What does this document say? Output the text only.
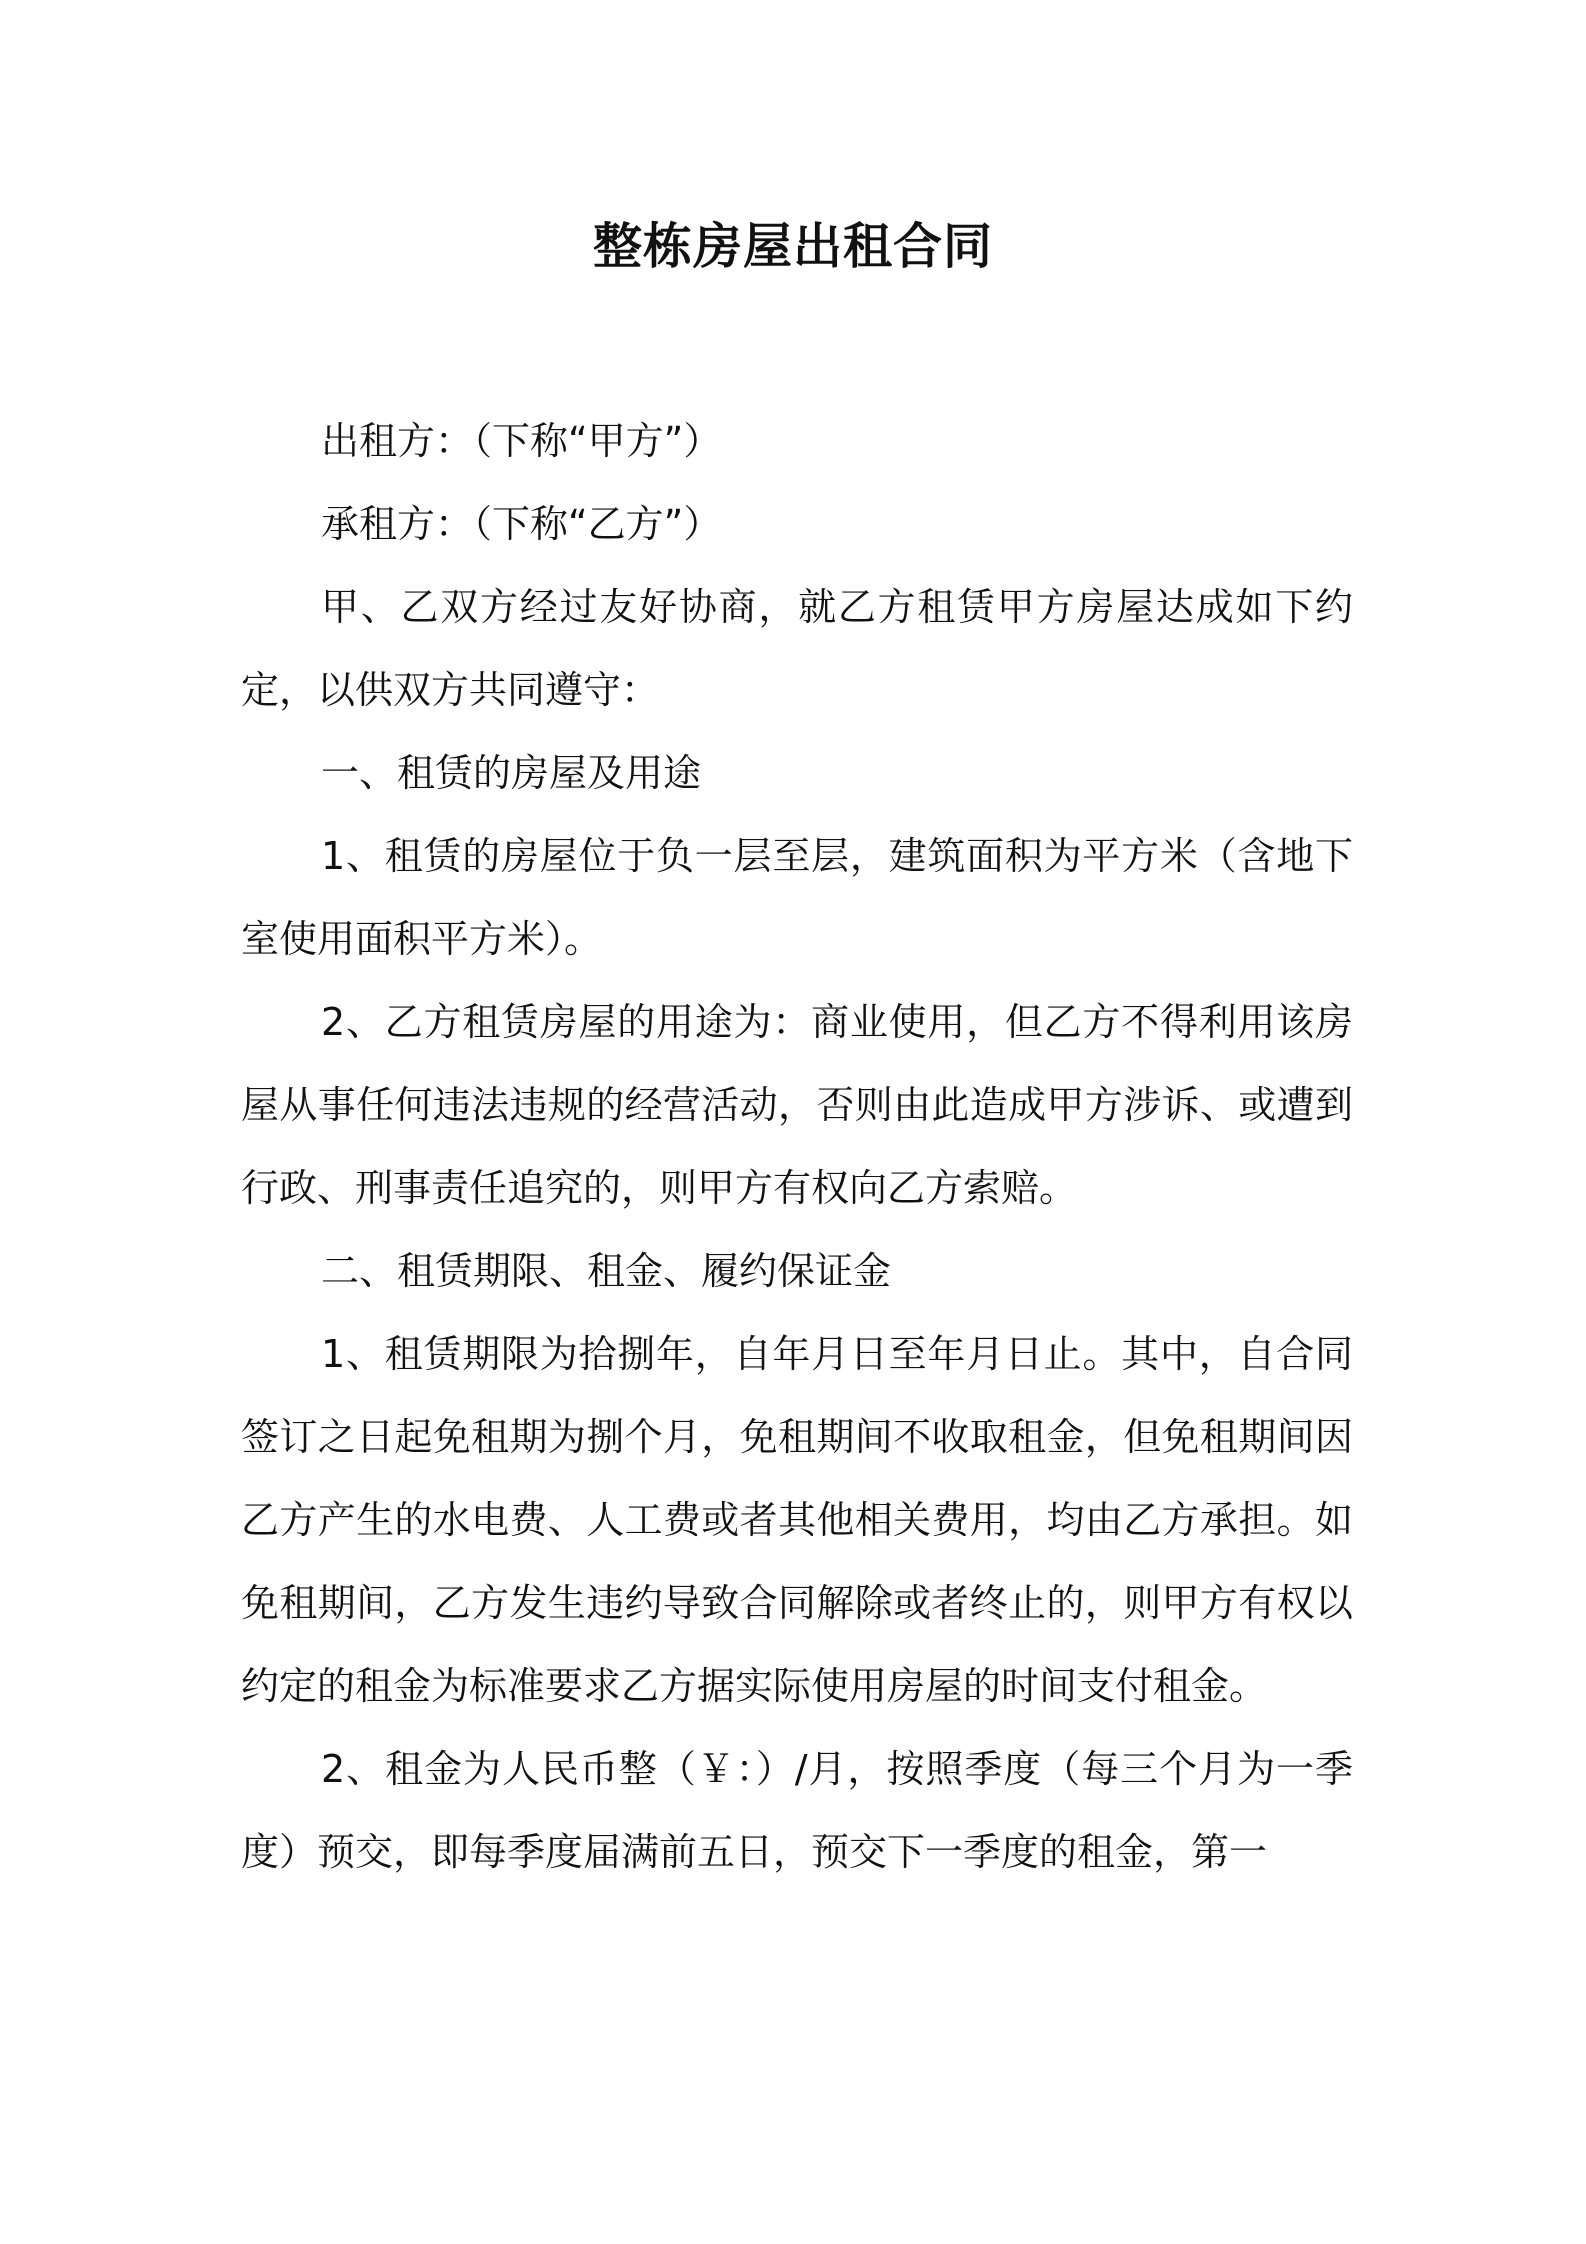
整栋房屋出租合同

出租方：（下称“甲方”）

承租方：（下称“乙方”）

甲、乙双方经过友好协商，就乙方租赁甲方房屋达成如下约定，以供双方共同遵守：

一、租赁的房屋及用途

1、租赁的房屋位于负一层至层，建筑面积为平方米（含地下室使用面积平方米）。

2、乙方租赁房屋的用途为：商业使用，但乙方不得利用该房屋从事任何违法违规的经营活动，否则由此造成甲方涉诉、或遭到行政、刑事责任追究的，则甲方有权向乙方索赔。

二、租赁期限、租金、履约保证金

1、租赁期限为拾捌年，自年月日至年月日止。其中，自合同签订之日起免租期为捌个月，免租期间不收取租金，但免租期间因乙方产生的水电费、人工费或者其他相关费用，均由乙方承担。如免租期间，乙方发生违约导致合同解除或者终止的，则甲方有权以约定的租金为标准要求乙方据实际使用房屋的时间支付租金。

2、租金为人民币整（￥：）/月，按照季度（每三个月为一季度）预交，即每季度届满前五日，预交下一季度的租金，第一
